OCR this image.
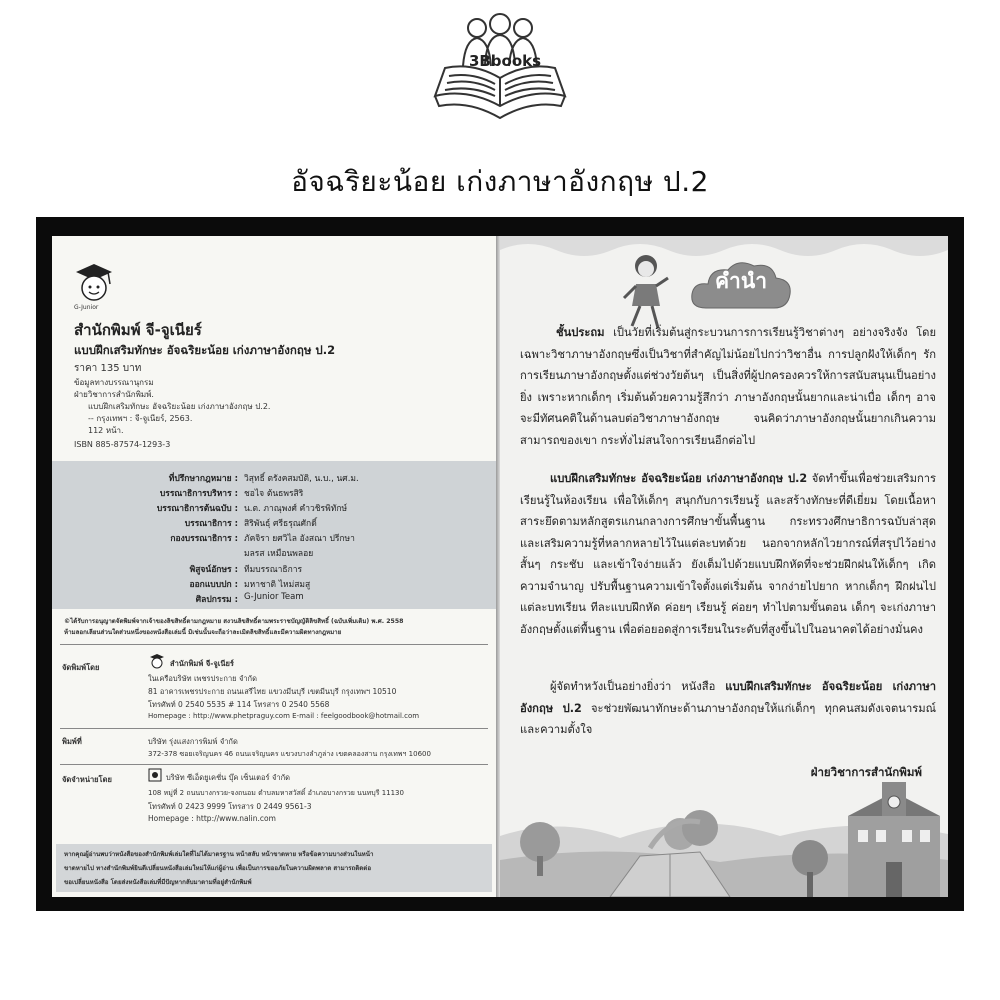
3Bbooks
อัจฉริยะน้อย เก่งภาษาอังกฤษ ป.2
G-Junior
สำนักพิมพ์ จี-จูเนียร์
แบบฝึกเสริมทักษะ อัจฉริยะน้อย เก่งภาษาอังกฤษ ป.2
ราคา 135 บาท
ข้อมูลทางบรรณานุกรม
ฝ่ายวิชาการสำนักพิมพ์.
แบบฝึกเสริมทักษะ อัจฉริยะน้อย เก่งภาษาอังกฤษ ป.2.
-- กรุงเทพฯ : จี-จูเนียร์, 2563.
112 หน้า.
ISBN 885-87574-1293-3
ที่ปรึกษากฎหมาย : วิสุทธิ์ ตรังคสมบัติ, น.บ., นศ.ม.
บรรณาธิการบริหาร : ชอไจ ต้นธพรสิริ
บรรณาธิการต้นฉบับ : น.ต. ภาณุพงศ์ คำวชิรพิทักษ์
บรรณาธิการ : สิริพันธุ์ ศรีธรุณศักดิ์
กองบรรณาธิการ : ภัคจิรา ยศวิไล อังสณา ปรีกษา
มลรส เหมือนพลอย
พิสูจน์อักษร : ทีมบรรณาธิการ
ออกแบบปก : มหาชาติ ไหม่สมสู
ศิลปกรรม : G-Junior Team
©ได้รับการอนุญาตจัดพิมพ์จากเจ้าของลิขสิทธิ์ตามกฎหมาย สงวนลิขสิทธิ์ตามพระราชบัญญัติลิขสิทธิ์ (ฉบับเพิ่มเติม) พ.ศ. 2558
ห้ามลอกเลียนส่วนใดส่วนหนึ่งของหนังสือเล่มนี้ มิเช่นนั้นจะถือว่าละเมิดลิขสิทธิ์และมีความผิดทางกฎหมาย
จัดพิมพ์โดย	สำนักพิมพ์ จี-จูเนียร์
ในเครือบริษัท เพชรประกาย จำกัด
81 อาคารเพชรประกาย ถนนเสรีไทย แขวงมีนบุรี เขตมีนบุรี กรุงเทพฯ 10510
โทรศัพท์ 0 2540 5535 # 114 โทรสาร 0 2540 5568
Homepage : http://www.phetpraguy.com E-mail : feelgoodbook@hotmail.com
พิมพ์ที่	บริษัท รุ่งแสงการพิมพ์ จำกัด
372-378 ซอยเจริญนคร 46 ถนนเจริญนคร แขวงบางลำภูล่าง เขตคลองสาน กรุงเทพฯ 10600
จัดจำหน่ายโดย	บริษัท ซีเอ็ดยูเคชั่น บุ๊ค เซ็นเตอร์ จำกัด
108 หมู่ที่ 2 ถนนบางกรวย-จงถนอม ตำบลมหาสวัสดิ์ อำเภอบางกรวย นนทบุรี 11130
โทรศัพท์ 0 2423 9999 โทรสาร 0 2449 9561-3
Homepage : http://www.nalin.com
หากคุณผู้อ่านพบว่าหนังสือของสำนักพิมพ์เล่มใดที่ไม่ได้มาตรฐาน หน้าสลับ หน้าขาดหาย หรือข้อความบางส่วนในหน้า
ขาดหายไป ทางสำนักพิมพ์ยินดีเปลี่ยนหนังสือเล่มใหม่ให้แก่ผู้อ่าน เพื่อเป็นการขออภัยในความผิดพลาด สามารถติดต่อ
ขอเปลี่ยนหนังสือ โดยส่งหนังสือเล่มที่มีปัญหากลับมาตามที่อยู่สำนักพิมพ์
คำนำ
ชั้นประถม เป็นวัยที่เริ่มต้นสู่กระบวนการการเรียนรู้วิชาต่างๆ อย่างจริงจัง โดยเฉพาะวิชาภาษาอังกฤษซึ่งเป็นวิชาที่สำคัญไม่น้อยไปกว่าวิชาอื่น การปลูกฝังให้เด็กๆ รักการเรียนภาษาอังกฤษตั้งแต่ช่วงวัยต้นๆ เป็นสิ่งที่ผู้ปกครองควรให้การสนับสนุนเป็นอย่างยิ่ง เพราะหากเด็กๆ เริ่มต้นด้วยความรู้สึกว่า ภาษาอังกฤษนั้นยากและน่าเบื่อ เด็กๆ อาจจะมีทัศนคติในด้านลบต่อวิชาภาษาอังกฤษ จนคิดว่าภาษาอังกฤษนั้นยากเกินความสามารถของเขา กระทั่งไม่สนใจการเรียนอีกต่อไป
แบบฝึกเสริมทักษะ อัจฉริยะน้อย เก่งภาษาอังกฤษ ป.2 จัดทำขึ้นเพื่อช่วยเสริมการเรียนรู้ในห้องเรียน เพื่อให้เด็กๆ สนุกกับการเรียนรู้ และสร้างทักษะที่ดีเยี่ยม โดยเนื้อหาสาระยึดตามหลักสูตรแกนกลางการศึกษาขั้นพื้นฐาน กระทรวงศึกษาธิการฉบับล่าสุด และเสริมความรู้ที่หลากหลายไว้ในแต่ละบทด้วย นอกจากหลักไวยากรณ์ที่สรุปไว้อย่างสั้นๆ กระชับ และเข้าใจง่ายแล้ว ยังเต็มไปด้วยแบบฝึกหัดที่จะช่วยฝึกฝนให้เด็กๆ เกิดความจำนาญ ปรับพื้นฐานความเข้าใจตั้งแต่เริ่มต้น จากง่ายไปยาก หากเด็กๆ ฝึกฝนไปแต่ละบทเรียน ทีละแบบฝึกหัด ค่อยๆ เรียนรู้ ค่อยๆ ทำไปตามขั้นตอน เด็กๆ จะเก่งภาษาอังกฤษตั้งแต่พื้นฐาน เพื่อต่อยอดสู่การเรียนในระดับที่สูงขึ้นไปในอนาคตได้อย่างมั่นคง
ผู้จัดทำหวังเป็นอย่างยิ่งว่า หนังสือ แบบฝึกเสริมทักษะ อัจฉริยะน้อย เก่งภาษาอังกฤษ ป.2 จะช่วยพัฒนาทักษะด้านภาษาอังกฤษให้แก่เด็กๆ ทุกคนสมดังเจตนารมณ์และความตั้งใจ
ฝ่ายวิชาการสำนักพิมพ์
